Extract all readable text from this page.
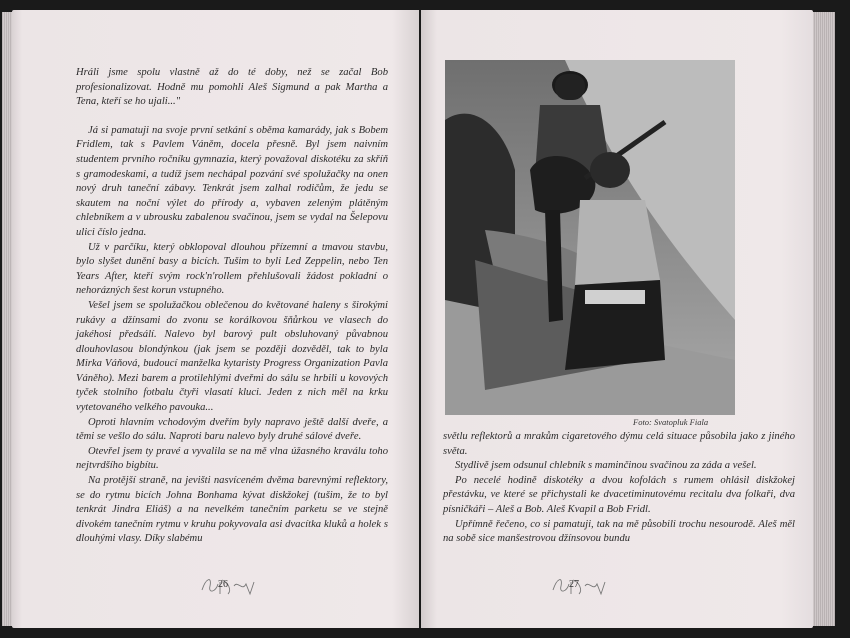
Hráli jsme spolu vlastně až do té doby, než se začal Bob profesionalizovat. Hodně mu pomohli Aleš Sigmund a pak Martha a Tena, kteří se ho ujali..."

Já si pamatuji na svoje první setkání s oběma kamarády, jak s Bobem Fridlem, tak s Pavlem Váněm, docela přesně. Byl jsem naivním studentem prvního ročníku gymnazia, který považoval diskotéku za skříň s gramodeskami, a tudíž jsem nechápal pozvání své spolužačky na onen nový druh taneční zábavy. Tenkrát jsem zalhal rodičům, že jedu se skautem na noční výlet do přírody a, vybaven zeleným plátěným chlebníkem a v ubrousku zabalenou svačinou, jsem se vydal na Šelepovu ulici číslo jedna.

Už v parčíku, který obklopoval dlouhou přízemní a tmavou stavbu, bylo slyšet dunění basy a bicích. Tušim to byli Led Zeppelin, nebo Ten Years After, kteří svým rock'n'rollem přehlušovali žádost pokladní o nehorázných šest korun vstupného.

Vešel jsem se spolužačkou oblečenou do květované haleny s širokými rukávy a džínsami do zvonu se korálkovou šňůrkou ve vlasech do jakéhosi předsálí. Nalevo byl barový pult obsluhovaný půvabnou dlouhovlasou blondýnkou (jak jsem se později dozvěděl, tak to byla Mirka Váňová, budoucí manželka kytaristy Progress Organization Pavla Váněho). Mezi barem a protilehlými dveřmi do sálu se hrbili u kovových tyček stolního fotbalu čtyři vlasatí kluci. Jeden z nich měl na krku vytetovaného velkého pavouka...

Oproti hlavním vchodovým dveřím byly napravo ještě další dveře, a těmi se vešlo do sálu. Naproti baru nalevo byly druhé sálové dveře.

Otevřel jsem ty pravé a vyvalila se na mě vlna úžasného kraválu toho nejtvrdšího bigbítu.

Na protější straně, na jevišti nasvíceném dvěma barevnými reflektory, se do rytmu bicích Johna Bonhama kývat diskžokej (tušim, že to byl tenkrát Jindra Eliáš) a na nevelkém tanečním parketu se ve stejně divokém tanečním rytmu v kruhu pokyvovala asi dvacítka kluků a holek s dlouhými vlasy. Díky slabému

26
Foto: Svatopluk Fiala

světlu reflektorů a mrakům cigaretového dýmu celá situace působila jako z jiného světa.

Stydlivě jsem odsunul chlebník s maminčinou svačinou za záda a vešel.

Po necelé hodině diskotéky a dvou kofolách s rumem ohlásil diskžokej přestávku, ve které se přichystali ke dvacetiminutovému recitalu dva folkaři, dva písničkáři – Aleš a Bob. Aleš Kvapil a Bob Fridl.

Upřímně řečeno, co si pamatuji, tak na mě působili trochu nesourodě. Aleš měl na sobě sice manšestrovou džínsovou bundu

27
